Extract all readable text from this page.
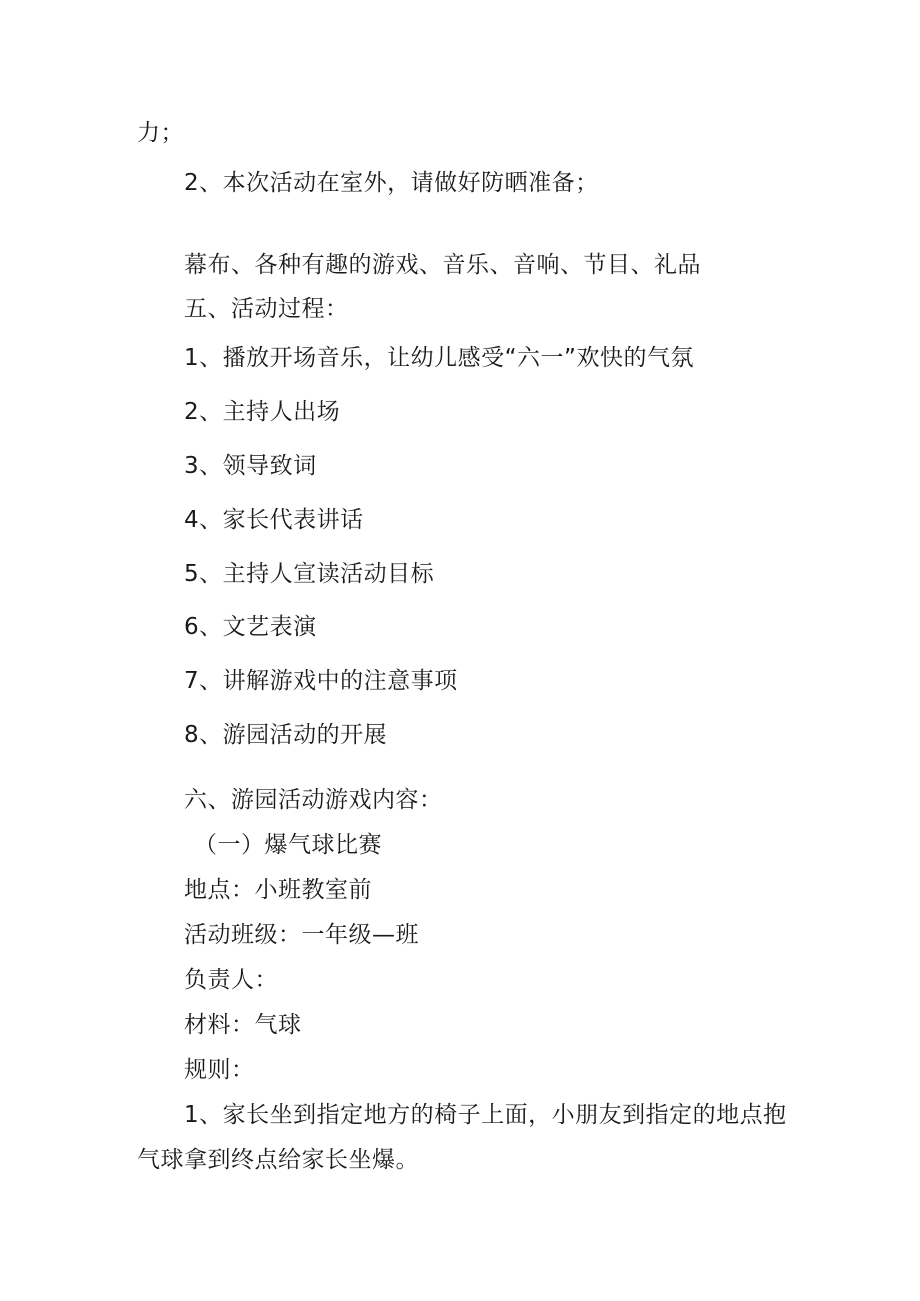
力；
2、本次活动在室外，请做好防晒准备；
幕布、各种有趣的游戏、音乐、音响、节目、礼品
五、活动过程：
1、播放开场音乐，让幼儿感受“六一”欢快的气氛
2、主持人出场
3、领导致词
4、家长代表讲话
5、主持人宣读活动目标
6、文艺表演
7、讲解游戏中的注意事项
8、游园活动的开展
六、游园活动游戏内容：
（一）爆气球比赛
地点：小班教室前
活动班级：一年级—班
负责人：
材料：气球
规则：
1、家长坐到指定地方的椅子上面，小朋友到指定的地点抱
气球拿到终点给家长坐爆。
